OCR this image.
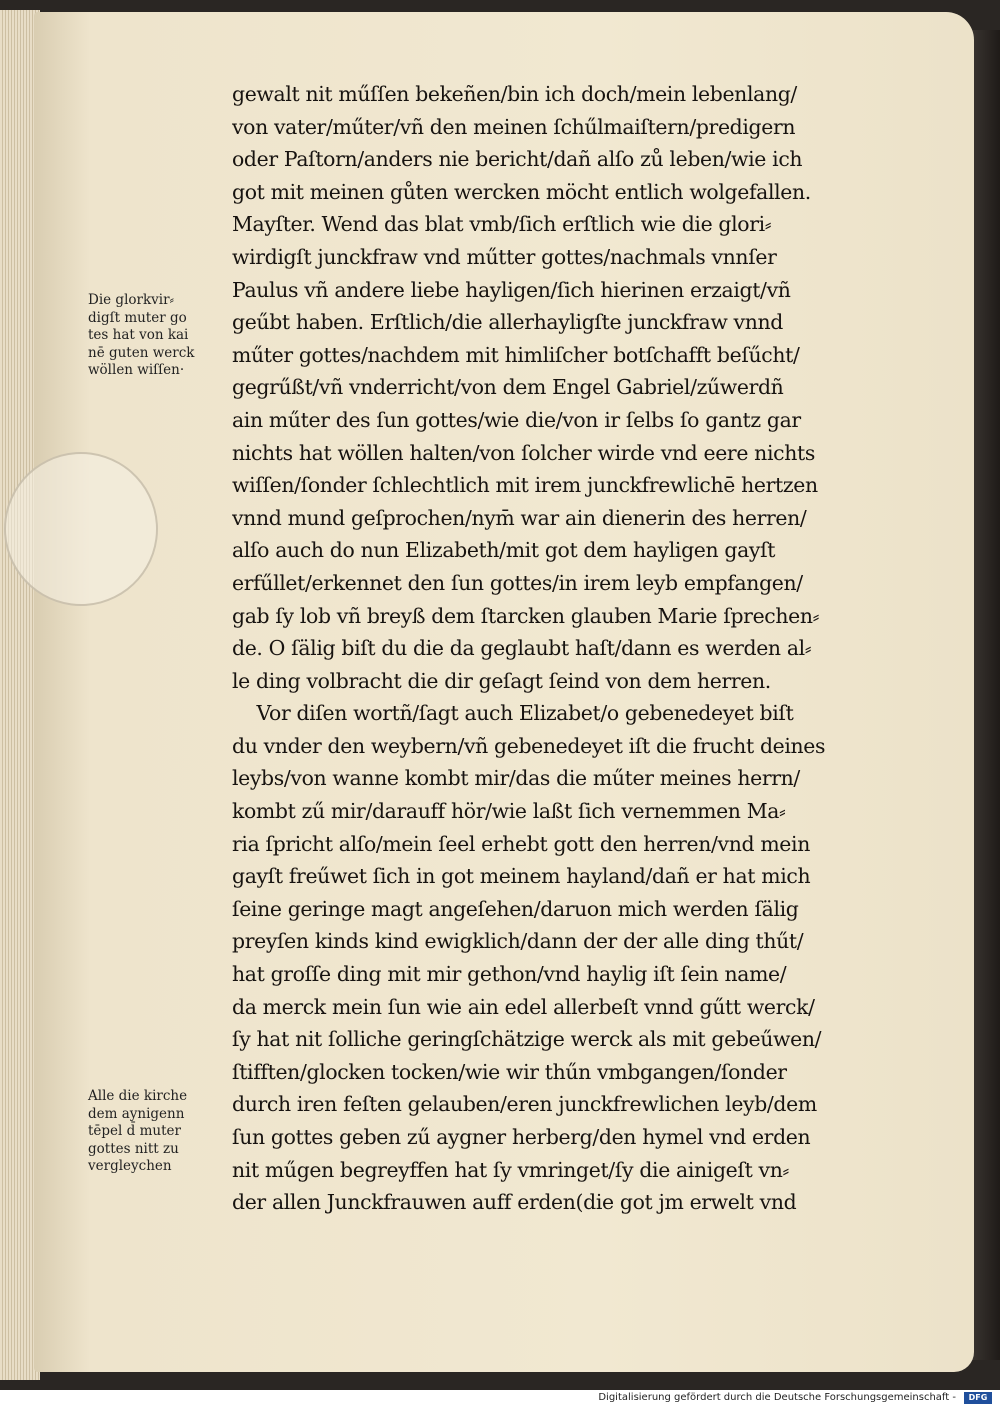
Die glorkvir⸗
digſt muter go
tes hat von kai
nē guten werck
wöllen wiſſen·
Alle die kirche
dem aynigenn
tēpel d̄ muter
gottes nitt zu
vergleychen
gewalt nit műſſen bekeñen/bin ich doch/mein lebenlang/
von vater/műter/vñ den meinen ſchűlmaiſtern/predigern
oder Paſtorn/anders nie bericht/dañ alſo zů leben/wie ich
got mit meinen gůten wercken möcht entlich wolgefallen.
Mayſter. Wend das blat vmb/ſich erſtlich wie die glori⸗
wirdigſt junckfraw vnd műtter gottes/nachmals vnnſer
Paulus vñ andere liebe hayligen/ſich hierinen erzaigt/vñ
geűbt haben. Erſtlich/die allerhayligſte junckfraw vnnd
műter gottes/nachdem mit himliſcher botſchafft beſűcht/
gegrűßt/vñ vnderricht/von dem Engel Gabriel/zűwerdñ
ain műter des ſun gottes/wie die/von ir ſelbs ſo gantz gar
nichts hat wöllen halten/von ſolcher wirde vnd eere nichts
wiſſen/ſonder ſchlechtlich mit irem junckfrewlichē hertzen
vnnd mund geſprochen/nym̄ war ain dienerin des herren/
alſo auch do nun Elizabeth/mit got dem hayligen gayſt
erfűllet/erkennet den ſun gottes/in irem leyb empfangen/
gab ſy lob vñ breyß dem ſtarcken glauben Marie ſprechen⸗
de. O ſälig biſt du die da geglaubt haſt/dann es werden al⸗
le ding volbracht die dir geſagt ſeind von dem herren.
Vor diſen wortñ/ſagt auch Elizabet/o gebenedeyet biſt
du vnder den weybern/vñ gebenedeyet iſt die frucht deines
leybs/von wanne kombt mir/das die műter meines herrn/
kombt zű mir/darauff hör/wie laßt ſich vernemmen Ma⸗
ria ſpricht alſo/mein ſeel erhebt gott den herren/vnd mein
gayſt freűwet ſich in got meinem hayland/dañ er hat mich
ſeine geringe magt angeſehen/daruon mich werden ſälig
preyſen kinds kind ewigklich/dann der der alle ding thűt/
hat groſſe ding mit mir gethon/vnd haylig iſt ſein name/
da merck mein ſun wie ain edel allerbeſt vnnd gűtt werck/
ſy hat nit ſolliche geringſchätzige werck als mit gebeűwen/
ſtifften/glocken tocken/wie wir thűn vmbgangen/ſonder
durch iren feſten gelauben/eren junckfrewlichen leyb/dem
ſun gottes geben zű aygner herberg/den hymel vnd erden
nit műgen begreyffen hat ſy vmringet/ſy die ainigeſt vn⸗
der allen Junckfrauwen auff erden(die got jm erwelt vnd
Digitalisierung gefördert durch die Deutsche Forschungsgemeinschaft -	DFG
